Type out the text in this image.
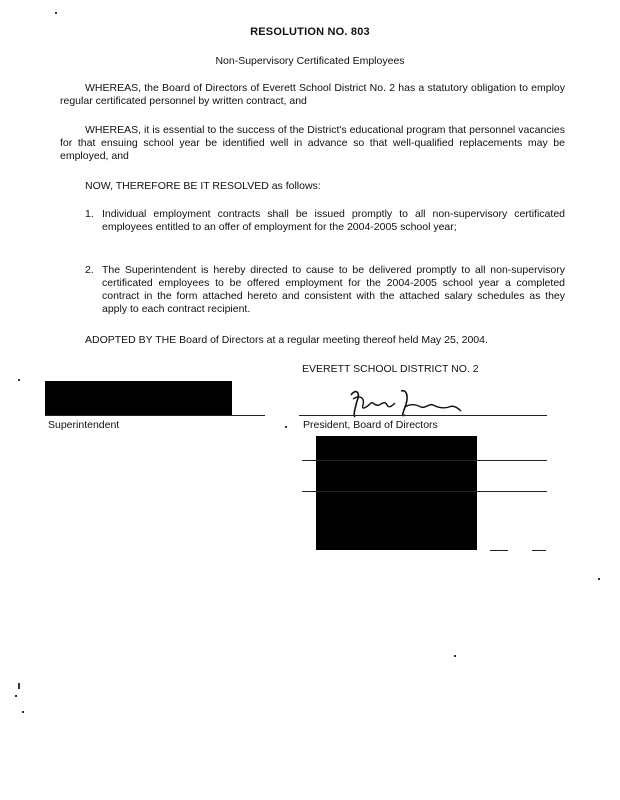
RESOLUTION NO. 803
Non-Supervisory Certificated Employees
WHEREAS, the Board of Directors of Everett School District No. 2 has a statutory obligation to employ regular certificated personnel by written contract, and
WHEREAS, it is essential to the success of the District's educational program that personnel vacancies for that ensuing school year be identified well in advance so that well-qualified replacements may be employed, and
NOW, THEREFORE BE IT RESOLVED as follows:
1. Individual employment contracts shall be issued promptly to all non-supervisory certificated employees entitled to an offer of employment for the 2004-2005 school year;
2. The Superintendent is hereby directed to cause to be delivered promptly to all non-supervisory certificated employees to be offered employment for the 2004-2005 school year a completed contract in the form attached hereto and consistent with the attached salary schedules as they apply to each contract recipient.
ADOPTED BY THE Board of Directors at a regular meeting thereof held May 25, 2004.
EVERETT SCHOOL DISTRICT NO. 2
Superintendent	President, Board of Directors
